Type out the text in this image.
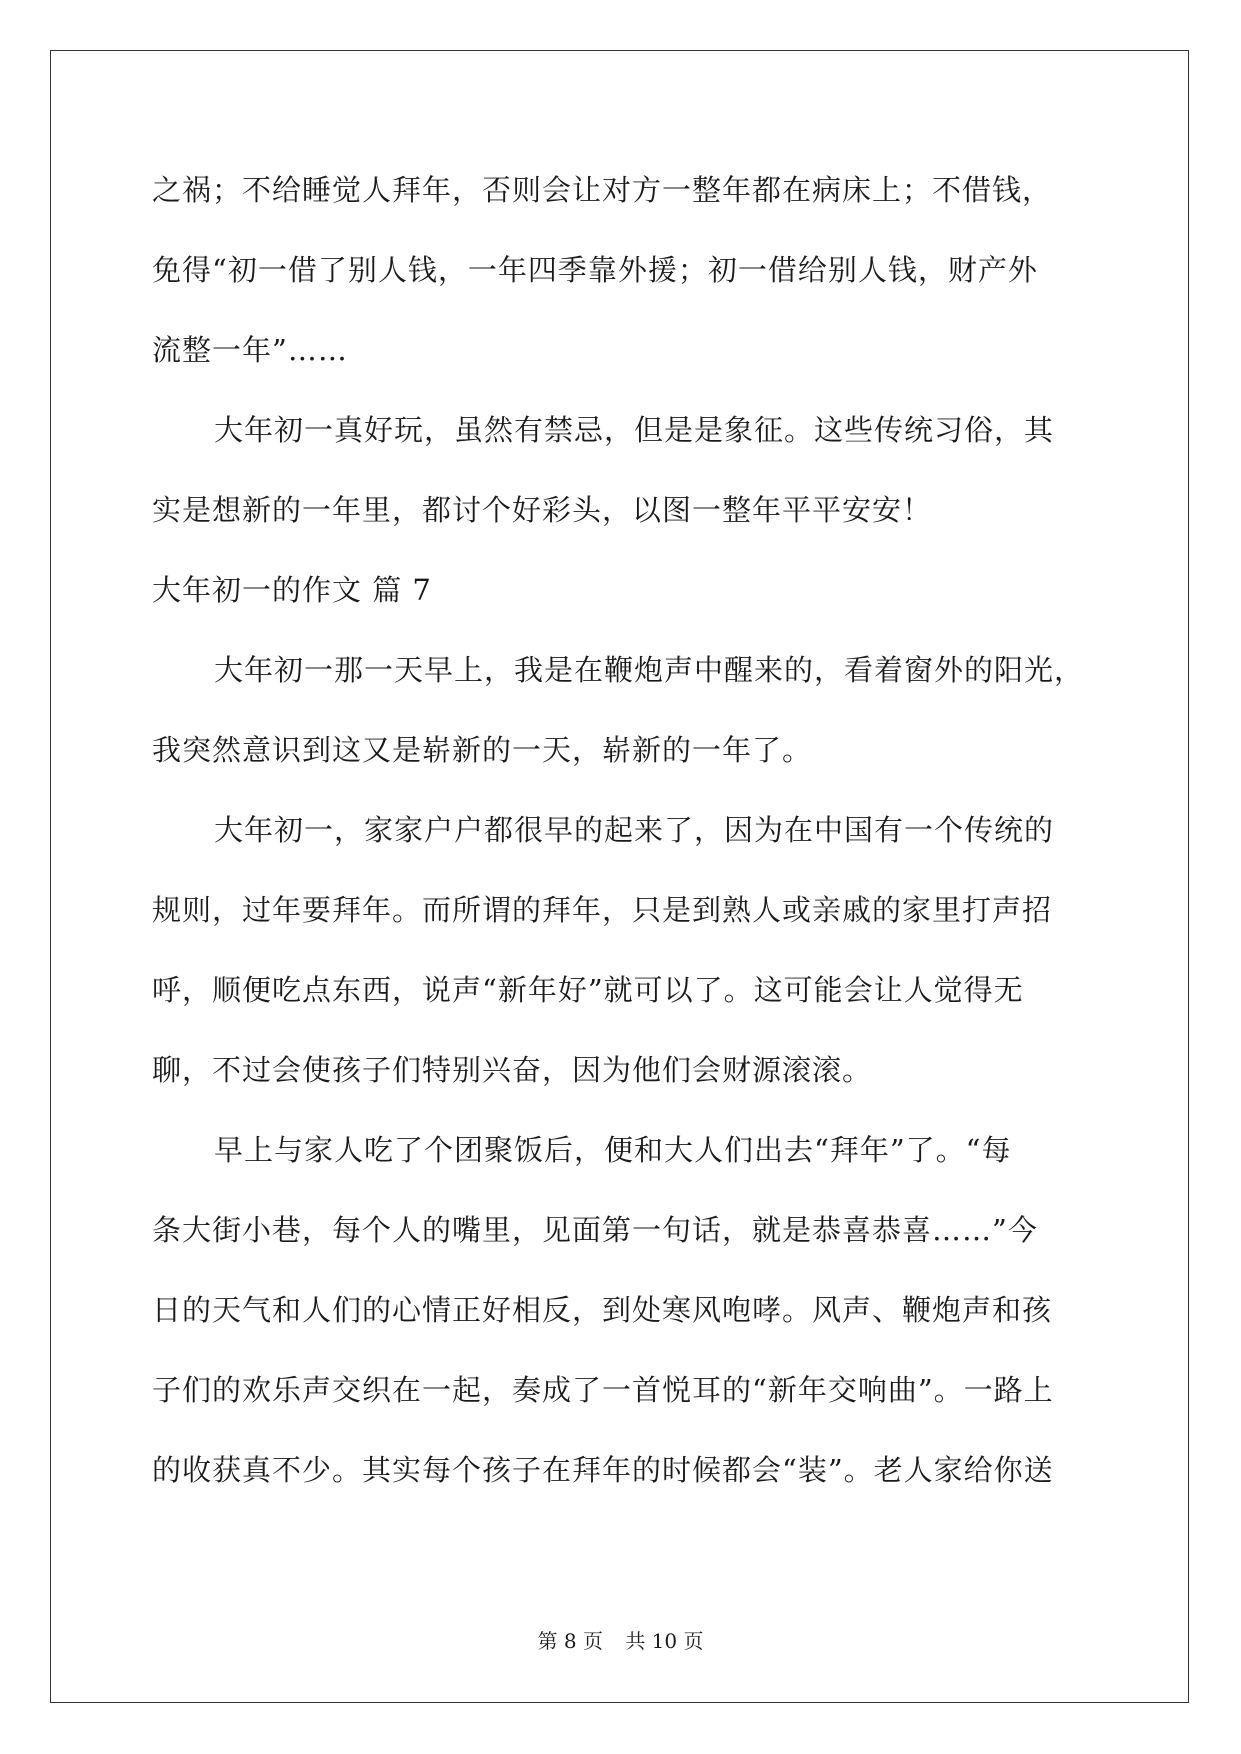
之祸；不给睡觉人拜年，否则会让对方一整年都在病床上；不借钱，
免得“初一借了别人钱，一年四季靠外援；初一借给别人钱，财产外
流整一年”……
大年初一真好玩，虽然有禁忌，但是是象征。这些传统习俗，其
实是想新的一年里，都讨个好彩头，以图一整年平平安安！
大年初一的作文 篇 7
大年初一那一天早上，我是在鞭炮声中醒来的，看着窗外的阳光，
我突然意识到这又是崭新的一天，崭新的一年了。
大年初一，家家户户都很早的起来了，因为在中国有一个传统的
规则，过年要拜年。而所谓的拜年，只是到熟人或亲戚的家里打声招
呼，顺便吃点东西，说声“新年好”就可以了。这可能会让人觉得无
聊，不过会使孩子们特别兴奋，因为他们会财源滚滚。
早上与家人吃了个团聚饭后，便和大人们出去“拜年”了。“每
条大街小巷，每个人的嘴里，见面第一句话，就是恭喜恭喜……”今
日的天气和人们的心情正好相反，到处寒风咆哮。风声、鞭炮声和孩
子们的欢乐声交织在一起，奏成了一首悦耳的“新年交响曲”。一路上
的收获真不少。其实每个孩子在拜年的时候都会“装”。老人家给你送
第 8 页 共 10 页
